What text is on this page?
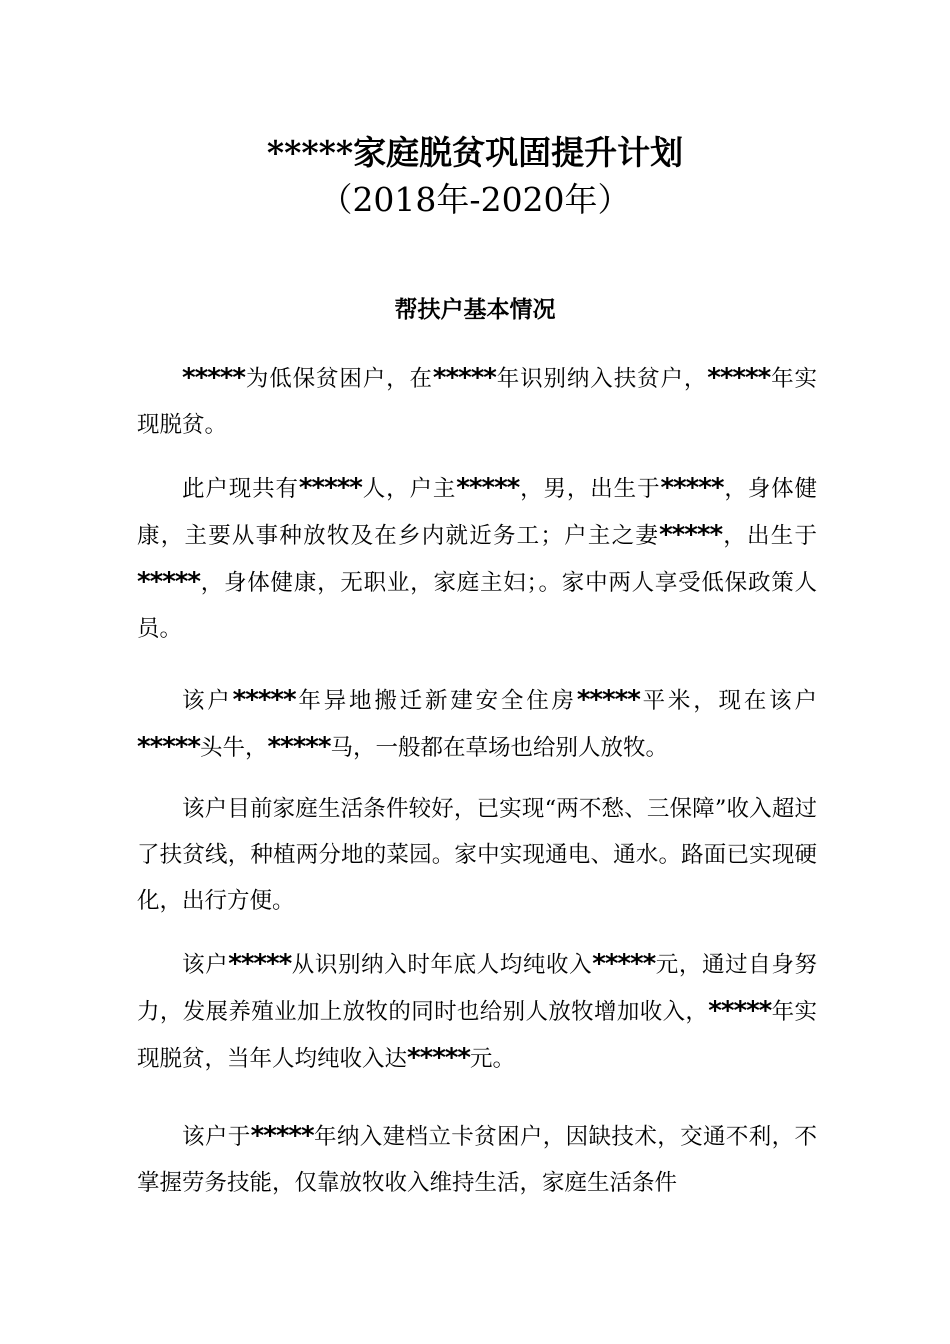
*****家庭脱贫巩固提升计划
（2018年-2020年）
帮扶户基本情况

*****为低保贫困户，在*****年识别纳入扶贫户，*****年实现脱贫。

此户现共有*****人，户主*****，男，出生于*****，身体健康，主要从事种放牧及在乡内就近务工；户主之妻*****，出生于*****，身体健康，无职业，家庭主妇；。家中两人享受低保政策人员。

该户*****年异地搬迁新建安全住房*****平米，现在该户*****头牛，*****马，一般都在草场也给别人放牧。

该户目前家庭生活条件较好，已实现“两不愁、三保障”收入超过了扶贫线，种植两分地的菜园。家中实现通电、通水。路面已实现硬化，出行方便。

该户*****从识别纳入时年底人均纯收入*****元，通过自身努力，发展养殖业加上放牧的同时也给别人放牧增加收入，*****年实现脱贫，当年人均纯收入达*****元。

该户于*****年纳入建档立卡贫困户，因缺技术，交通不利，不掌握劳务技能，仅靠放牧收入维持生活，家庭生活条件
